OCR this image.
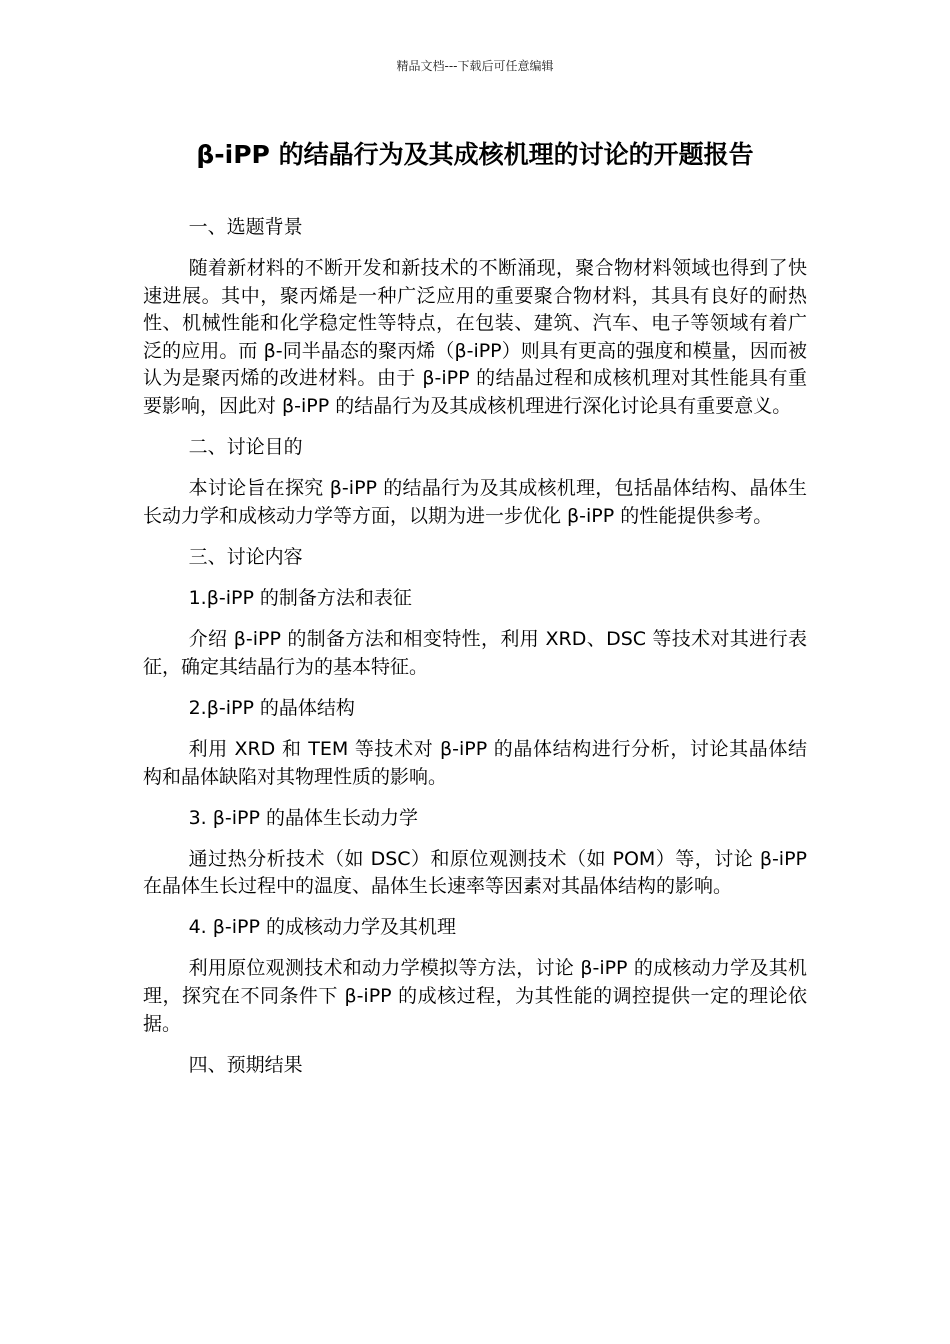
精品文档---下载后可任意编辑
β-iPP 的结晶行为及其成核机理的讨论的开题报告

一、选题背景

随着新材料的不断开发和新技术的不断涌现，聚合物材料领域也得到了快速进展。其中，聚丙烯是一种广泛应用的重要聚合物材料，其具有良好的耐热性、机械性能和化学稳定性等特点，在包装、建筑、汽车、电子等领域有着广泛的应用。而 β-同半晶态的聚丙烯（β-iPP）则具有更高的强度和模量，因而被认为是聚丙烯的改进材料。由于 β-iPP 的结晶过程和成核机理对其性能具有重要影响，因此对 β-iPP 的结晶行为及其成核机理进行深化讨论具有重要意义。

二、讨论目的

本讨论旨在探究 β-iPP 的结晶行为及其成核机理，包括晶体结构、晶体生长动力学和成核动力学等方面，以期为进一步优化 β-iPP 的性能提供参考。

三、讨论内容

1.β-iPP 的制备方法和表征

介绍 β-iPP 的制备方法和相变特性，利用 XRD、DSC 等技术对其进行表征，确定其结晶行为的基本特征。

2.β-iPP 的晶体结构

利用 XRD 和 TEM 等技术对 β-iPP 的晶体结构进行分析，讨论其晶体结构和晶体缺陷对其物理性质的影响。

3. β-iPP 的晶体生长动力学

通过热分析技术（如 DSC）和原位观测技术（如 POM）等，讨论 β-iPP 在晶体生长过程中的温度、晶体生长速率等因素对其晶体结构的影响。

4. β-iPP 的成核动力学及其机理

利用原位观测技术和动力学模拟等方法，讨论 β-iPP 的成核动力学及其机理，探究在不同条件下 β-iPP 的成核过程，为其性能的调控提供一定的理论依据。

四、预期结果
